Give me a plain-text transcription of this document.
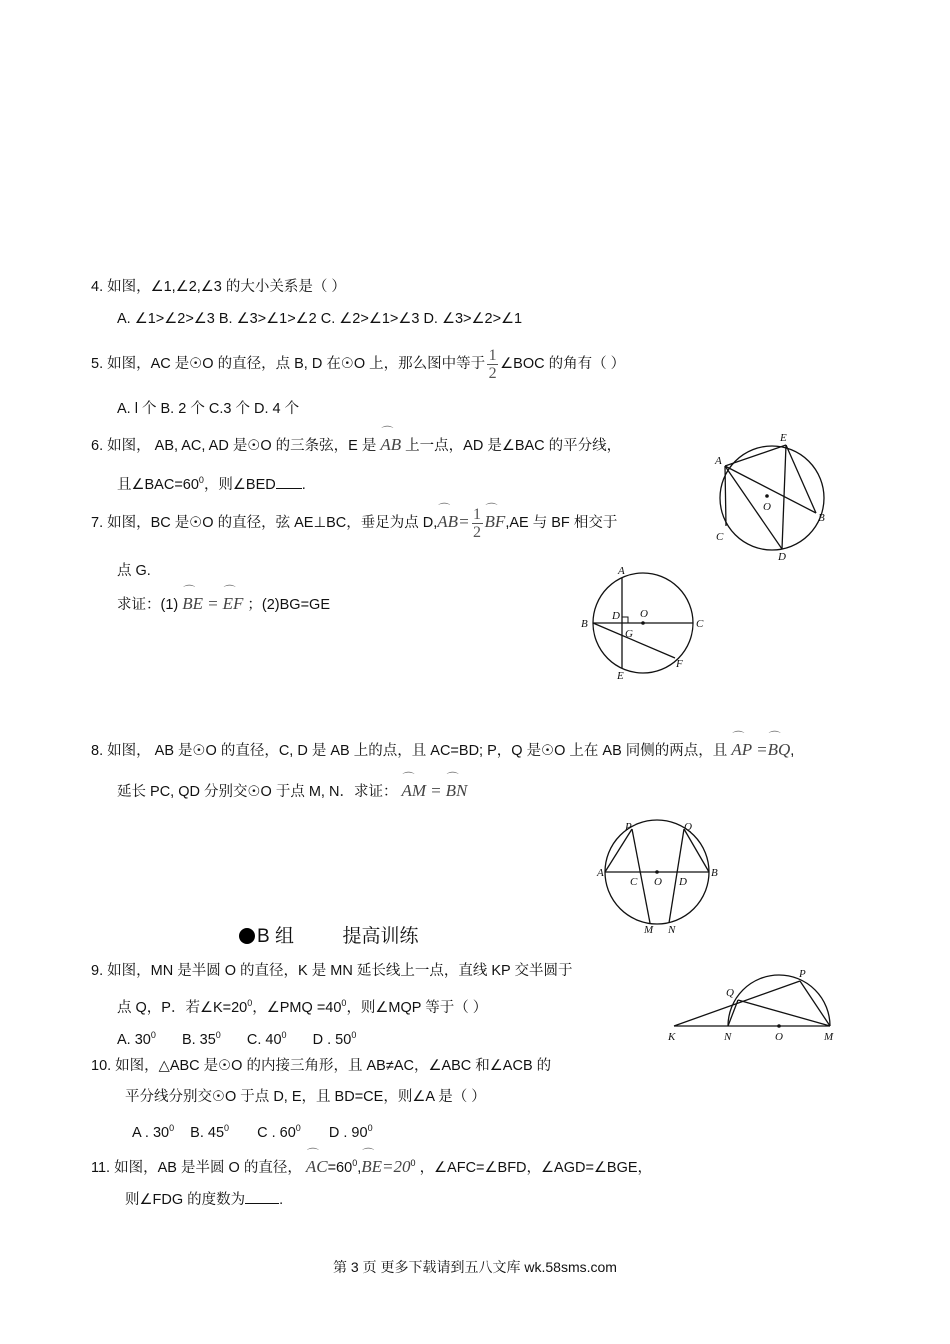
4. 如图，∠1,∠2,∠3 的大小关系是（ ）
A. ∠1>∠2>∠3 B. ∠3>∠1>∠2 C. ∠2>∠1>∠3 D. ∠3>∠2>∠1
5. 如图，AC 是☉O 的直径，点 B, D 在☉O 上，那么图中等于 $\frac{1}{2}$ ∠BOC 的角有（ ）
A. l 个 B. 2 个 C.3 个 D. 4 个
6. 如图， AB, AC, AD 是☉O 的三条弦，E 是 ⌒ AB 上一点，AD 是∠BAC 的平分线，
且$\angle BAC=60^0$，则∠BED .
A
E
O
B
C
D
7. 如图，BC 是☉O 的直径，弦 AE⊥BC，垂足为点 D,⌒ $AB= \frac{1}{2}$ ⌒ BF,AE 与 BF 相交于
点 G.
求证：(1) ⌒ BE = ⌒ EF ；(2)BG=GE
A
D O
C
B
G
F
E
8. 如图， AB 是☉O 的直径，C, D 是 AB 上的点，且 AC=BD; P，Q 是☉O 上在 AB 同侧的两点，且 ⌒ AP =⌒ BQ,
延长 PC, QD 分别交☉O 于点 M, N．求证： ⌒ AM = ⌒ BN
P	Q
A
C O D
B
M N
B 组	提高训练
9. 如图，MN 是半圆 O 的直径，K 是 MN 延长线上一点，直线 KP 交半圆于
点 Q，P．若$\angle K=20^0$，∠PMQ $=40^0$，则∠MQP 等于（ ）
A. $30^0$ B. $35^0$ C. $40^0$ D . $50^0$	K	N	O	M
Q
P
10. 如图，△ABC 是☉O 的内接三角形，且 AB≠AC，∠ABC 和∠ACB 的
平分线分别交☉O 于点 D, E，且 BD=CE，则∠A 是（ ）
A . $30^0$ B. $45^0$ C . $60^0$ D . $90^0$
11. 如图，AB 是半圆 O 的直径， ⌒ $AC=60^0,⌒$ $BE=20^0$ ，∠AFC=∠BFD，∠AGD=∠BGE，
则∠FDG 的度数为 .
第 3 页 更多下载请到五八文库 wk.58sms.com
